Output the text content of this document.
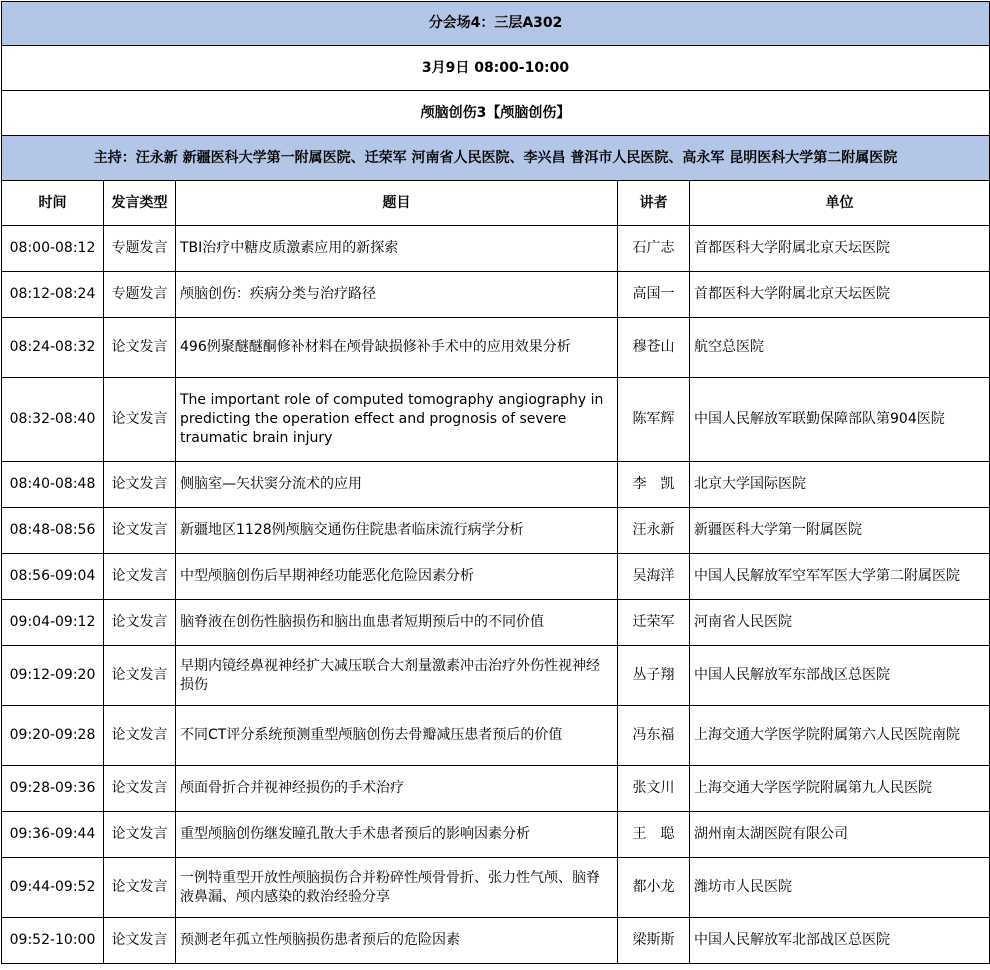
分会场4：三层A302				
3月9日 08:00-10:00				
颅脑创伤3【颅脑创伤】				
主持：汪永新 新疆医科大学第一附属医院、迁荣军 河南省人民医院、李兴昌 普洱市人民医院、高永军 昆明医科大学第二附属医院				
时间	发言类型	题目	讲者	单位
08:00-08:12	专题发言	TBI治疗中糖皮质激素应用的新探索	石广志	首都医科大学附属北京天坛医院
08:12-08:24	专题发言	颅脑创伤：疾病分类与治疗路径	高国一	首都医科大学附属北京天坛医院
08:24-08:32	论文发言	496例聚醚醚酮修补材料在颅骨缺损修补手术中的应用效果分析	穆苍山	航空总医院
08:32-08:40	论文发言	The important role of computed tomography angiography in predicting the operation effect and prognosis of severe traumatic brain injury	陈军辉	中国人民解放军联勤保障部队第904医院
08:40-08:48	论文发言	侧脑室—矢状窦分流术的应用	李　凯	北京大学国际医院
08:48-08:56	论文发言	新疆地区1128例颅脑交通伤住院患者临床流行病学分析	汪永新	新疆医科大学第一附属医院
08:56-09:04	论文发言	中型颅脑创伤后早期神经功能恶化危险因素分析	吴海洋	中国人民解放军空军军医大学第二附属医院
09:04-09:12	论文发言	脑脊液在创伤性脑损伤和脑出血患者短期预后中的不同价值	迁荣军	河南省人民医院
09:12-09:20	论文发言	早期内镜经鼻视神经扩大减压联合大剂量激素冲击治疗外伤性视神经损伤	丛子翔	中国人民解放军东部战区总医院
09:20-09:28	论文发言	不同CT评分系统预测重型颅脑创伤去骨瓣减压患者预后的价值	冯东福	上海交通大学医学院附属第六人民医院南院
09:28-09:36	论文发言	颅面骨折合并视神经损伤的手术治疗	张文川	上海交通大学医学院附属第九人民医院
09:36-09:44	论文发言	重型颅脑创伤继发瞳孔散大手术患者预后的影响因素分析	王　聪	湖州南太湖医院有限公司
09:44-09:52	论文发言	一例特重型开放性颅脑损伤合并粉碎性颅骨骨折、张力性气颅、脑脊液鼻漏、颅内感染的救治经验分享	都小龙	潍坊市人民医院
09:52-10:00	论文发言	预测老年孤立性颅脑损伤患者预后的危险因素	梁斯斯	中国人民解放军北部战区总医院
